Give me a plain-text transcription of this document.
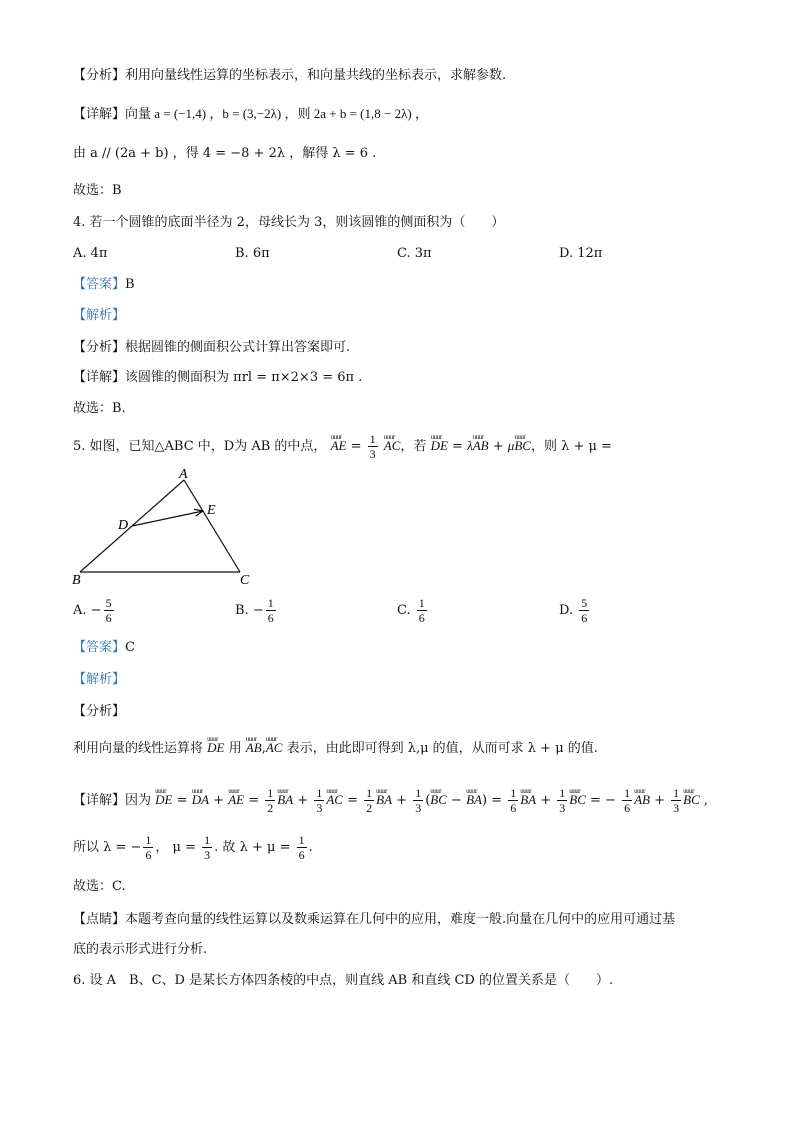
【分析】利用向量线性运算的坐标表示，和向量共线的坐标表示，求解参数.
【详解】向量 a = (−1,4) ，b = (3,−2λ) ，则 2a + b = (1,8 − 2λ) ，
由 a // (2a + b) ，得 4 = −8 + 2λ ，解得 λ = 6 .
故选：B
4. 若一个圆锥的底面半径为 2，母线长为 3，则该圆锥的侧面积为（　　）
A. 4π	B. 6π	C. 3π	D. 12π
【答案】B
【解析】
【分析】根据圆锥的侧面积公式计算出答案即可.
【详解】该圆锥的侧面积为 πrl = π×2×3 = 6π .
故选：B.
5. 如图，已知△ABC 中，D为 AB 的中点， uuur AE = $\frac{1}{3}$ uuur AC，若 uuur DE = λuuur AB + μuuur BC，则 λ + μ =
A
D
E
B	C
A. − $\frac{5}{6}$	B. − $\frac{1}{6}$	C. $\frac{1}{6}$	D. $\frac{5}{6}$
【答案】C
【解析】
【分析】
利用向量的线性运算将 uuur DE 用 uuur AB,uuur AC 表示，由此即可得到 λ,μ 的值，从而可求 λ + μ 的值.
【详解】因为 uuur DE = uuur DA + uuur AE = $\frac{1}{2}$ uuur BA + $\frac{1}{3}$ uuur AC = $\frac{1}{2}$ uuur BA + $\frac{1}{3}$ (uuur BC − uuur $BA) = \frac{1}{6}$ uuur BA + $\frac{1}{3}$ uuur BC = − $\frac{1}{6}$ uuur AB + $\frac{1}{3}$ uuur BC ,
所以 λ = − $\frac{1}{6}$ ， $\mu = \frac{1}{3}$ . 故 $\lambda + \mu = \frac{1}{6}$ .
故选：C.
【点睛】本题考查向量的线性运算以及数乘运算在几何中的应用，难度一般.向量在几何中的应用可通过基
底的表示形式进行分析.
6. 设 A　B、C、D 是某长方体四条棱的中点，则直线 AB 和直线 CD 的位置关系是（　　）.
